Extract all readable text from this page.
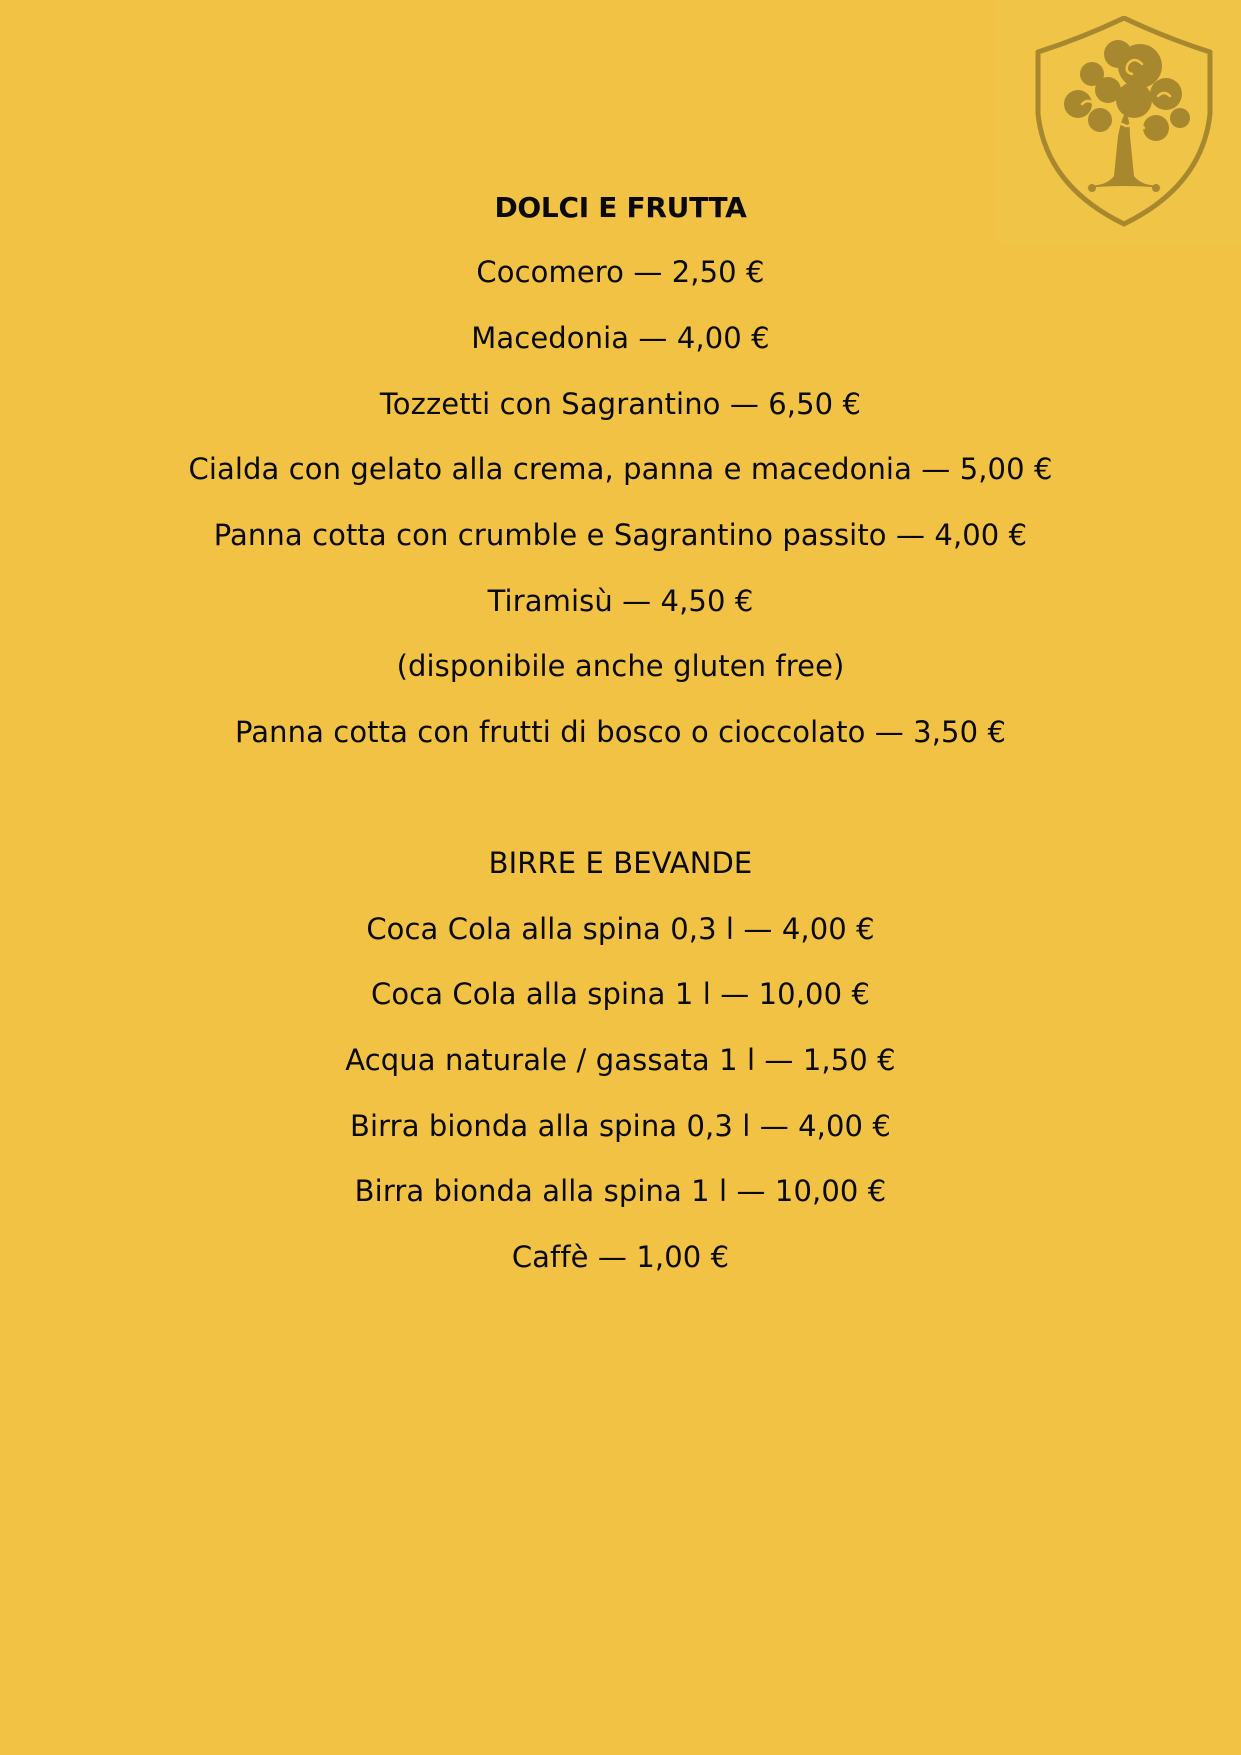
DOLCI E FRUTTA
Cocomero — 2,50 €
Macedonia — 4,00 €
Tozzetti con Sagrantino — 6,50 €
Cialda con gelato alla crema, panna e macedonia — 5,00 €
Panna cotta con crumble e Sagrantino passito — 4,00 €
Tiramisù — 4,50 €
(disponibile anche gluten free)
Panna cotta con frutti di bosco o cioccolato — 3,50 €
BIRRE E BEVANDE
Coca Cola alla spina 0,3 l — 4,00 €
Coca Cola alla spina 1 l — 10,00 €
Acqua naturale / gassata 1 l — 1,50 €
Birra bionda alla spina 0,3 l — 4,00 €
Birra bionda alla spina 1 l — 10,00 €
Caffè — 1,00 €
